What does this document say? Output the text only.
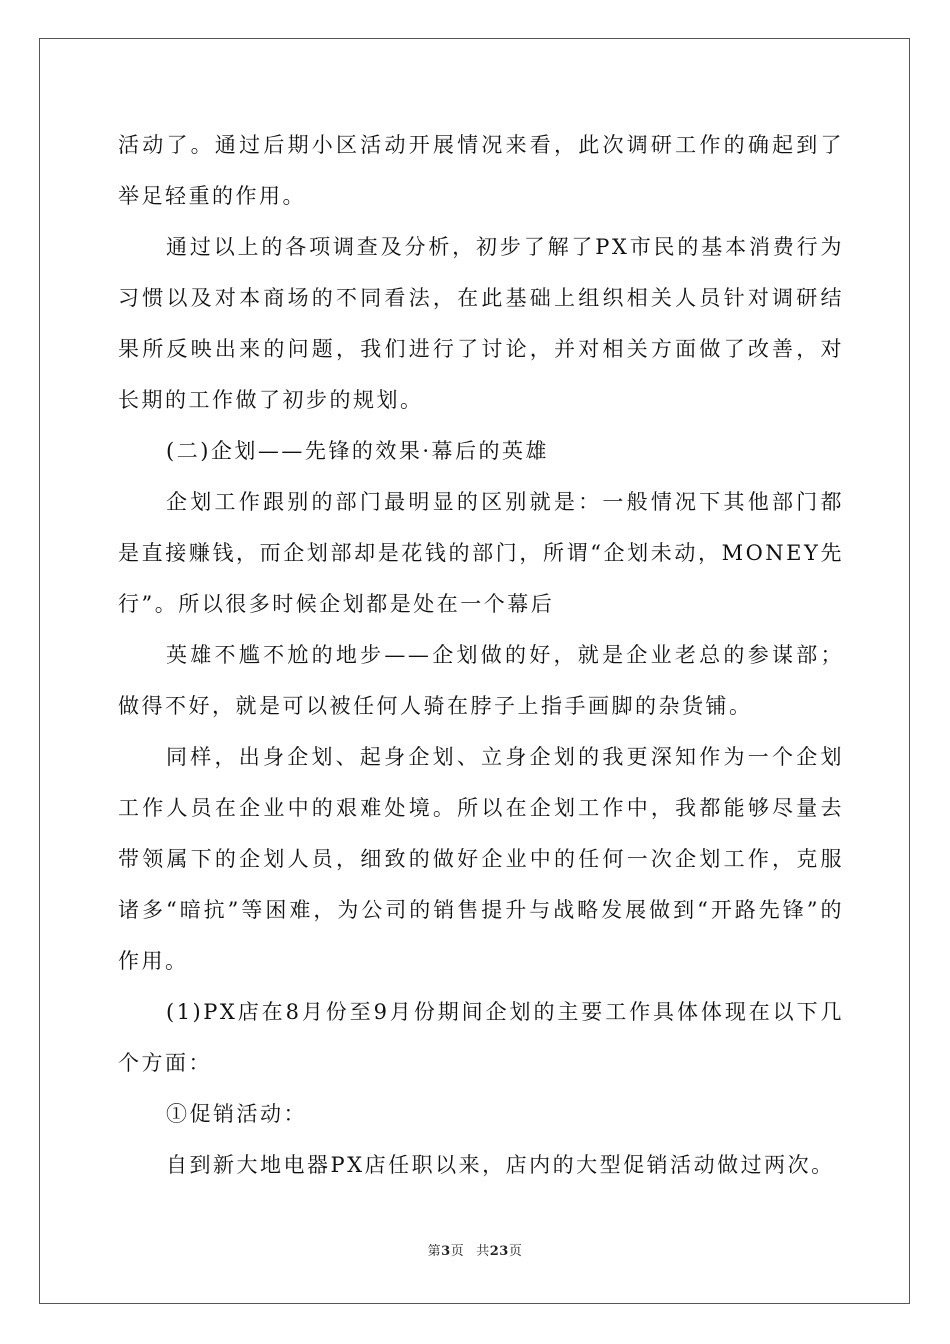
活动了。通过后期小区活动开展情况来看，此次调研工作的确起到了举足轻重的作用。

通过以上的各项调查及分析，初步了解了PX市民的基本消费行为习惯以及对本商场的不同看法，在此基础上组织相关人员针对调研结果所反映出来的问题，我们进行了讨论，并对相关方面做了改善，对长期的工作做了初步的规划。

(二)企划——先锋的效果·幕后的英雄

企划工作跟别的部门最明显的区别就是：一般情况下其他部门都是直接赚钱，而企划部却是花钱的部门，所谓“企划未动，MONEY先行”。所以很多时候企划都是处在一个幕后

英雄不尴不尬的地步——企划做的好，就是企业老总的参谋部；做得不好，就是可以被任何人骑在脖子上指手画脚的杂货铺。

同样，出身企划、起身企划、立身企划的我更深知作为一个企划工作人员在企业中的艰难处境。所以在企划工作中，我都能够尽量去带领属下的企划人员，细致的做好企业中的任何一次企划工作，克服诸多“暗抗”等困难，为公司的销售提升与战略发展做到“开路先锋”的作用。

(1)PX店在8月份至9月份期间企划的主要工作具体体现在以下几个方面：

①促销活动：

自到新大地电器PX店任职以来，店内的大型促销活动做过两次。

第3页 共23页
